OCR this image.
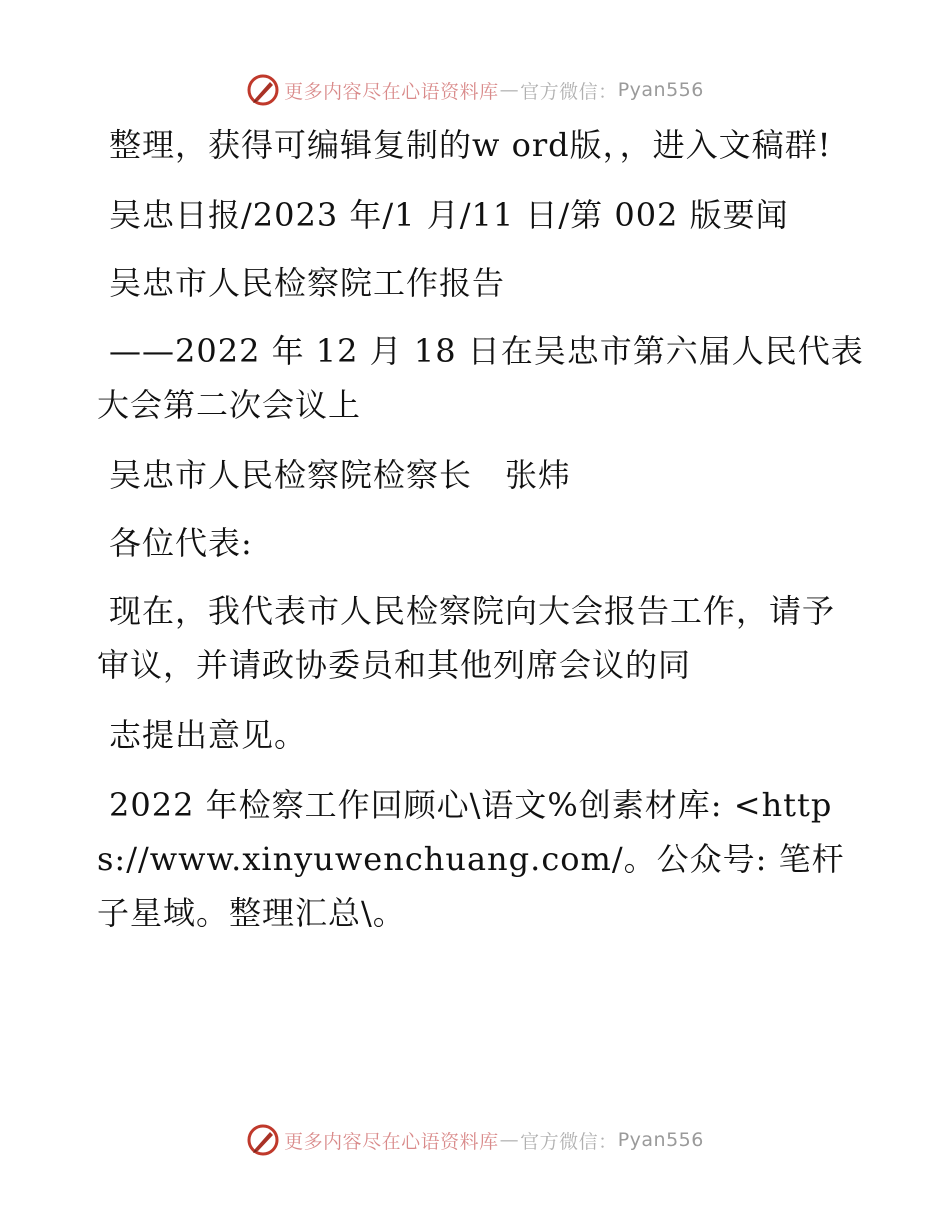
更多内容尽在心语资料库 — 官方微信： Pyan556

整理，获得可编辑复制的w ord版，，进入文稿群!

吴忠日报/2023 年/1 月/11 日/第 002 版要闻

吴忠市人民检察院工作报告

——2022 年 12 月 18 日在吴忠市第六届人民代表大会第二次会议上

吴忠市人民检察院检察长　张炜

各位代表:

现在，我代表市人民检察院向大会报告工作，请予审议，并请政协委员和其他列席会议的同

志提出意见。

2022 年检察工作回顾心\语文%创素材库: <https://www.xinyuwenchuang.com/。公众号: 笔杆子星域。整理汇总\。

更多内容尽在心语资料库 — 官方微信： Pyan556
